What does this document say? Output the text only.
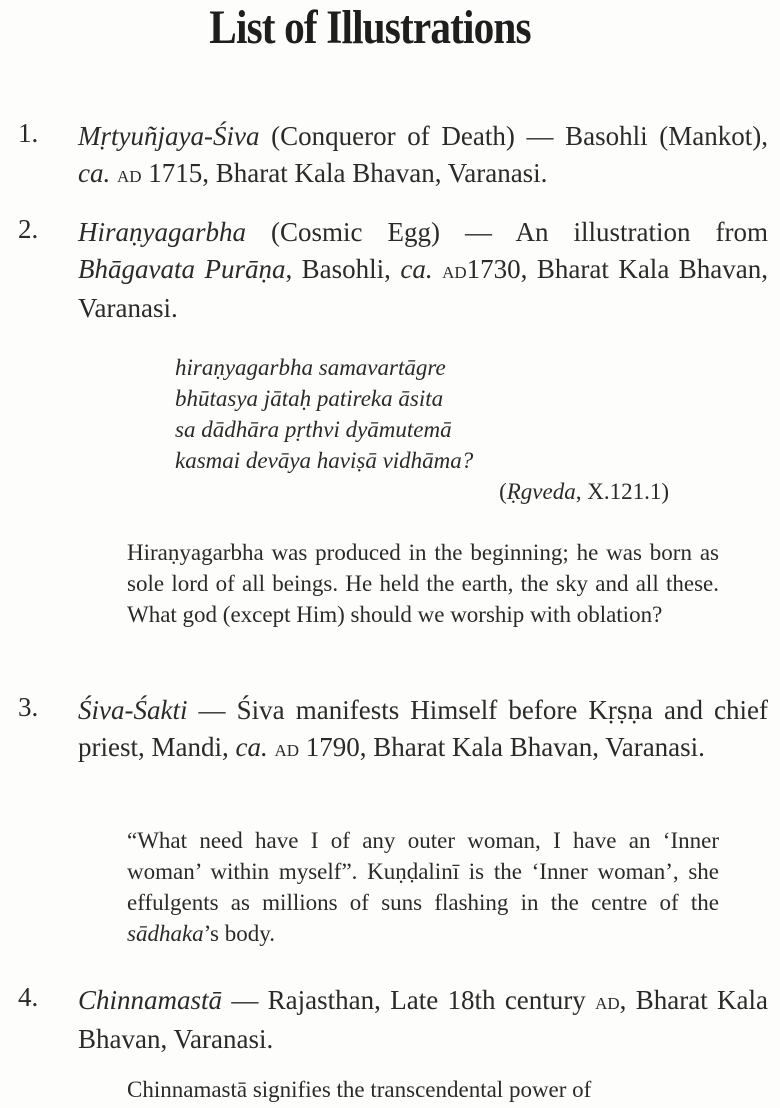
List of Illustrations
1. Mṛtyuñjaya-Śiva (Conqueror of Death) — Basohli (Mankot), ca. ad 1715, Bharat Kala Bhavan, Varanasi.
2. Hiraṇyagarbha (Cosmic Egg) — An illustration from Bhāgavata Purāṇa, Basohli, ca. ad1730, Bharat Kala Bhavan, Varanasi.
hiraṇyagarbha samavartāgre
bhūtasya jātaḥ patireka āsita
sa dādhāra pṛthvi dyāmutemā
kasmai devāya haviṣā vidhāma?
(Ṛgveda, X.121.1)
Hiraṇyagarbha was produced in the beginning; he was born as sole lord of all beings. He held the earth, the sky and all these. What god (except Him) should we worship with oblation?
3. Śiva-Śakti — Śiva manifests Himself before Kṛṣṇa and chief priest, Mandi, ca. ad 1790, Bharat Kala Bhavan, Varanasi.
“What need have I of any outer woman, I have an ‘Inner woman’ within myself”. Kuṇḍalinī is the ‘Inner woman’, she effulgents as millions of suns flashing in the centre of the sādhaka’s body.
4. Chinnamastā — Rajasthan, Late 18th century ad, Bharat Kala Bhavan, Varanasi.
Chinnamastā signifies the transcendental power of
